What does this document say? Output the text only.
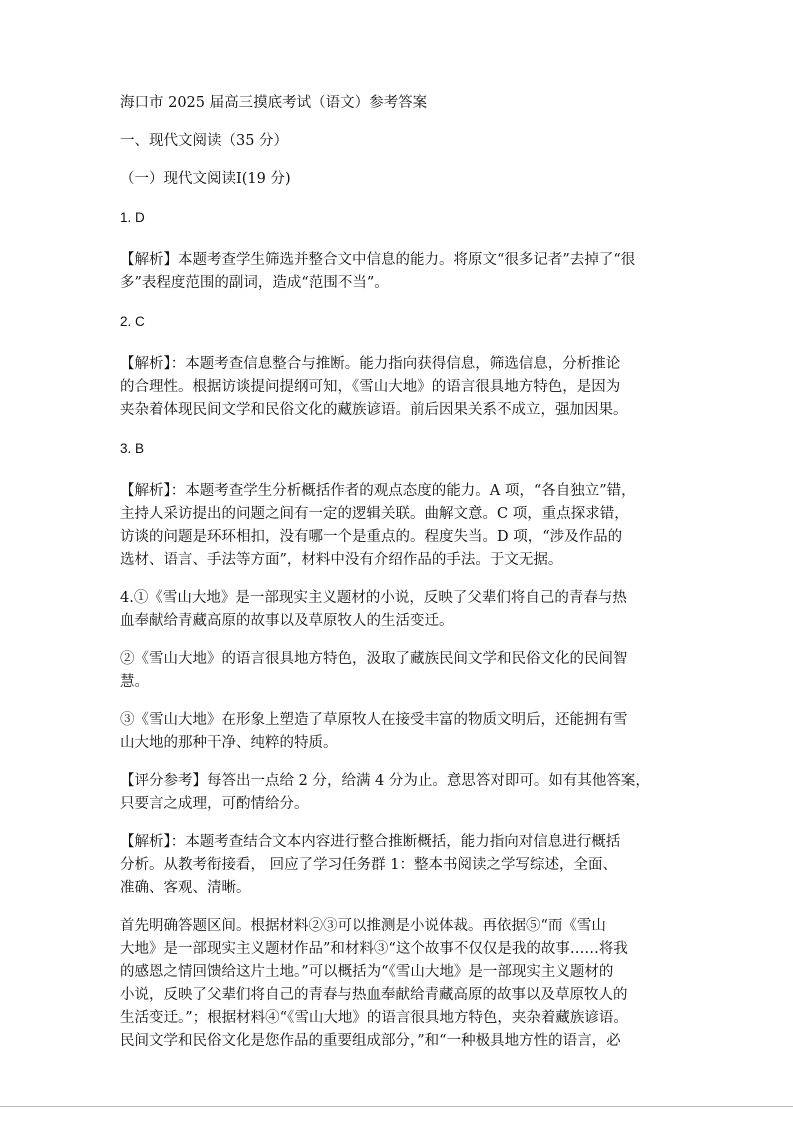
海口市 2025 届高三摸底考试（语文）参考答案
一、现代文阅读（35 分）
（一）现代文阅读Ⅰ(19 分)
1. D
【解析】本题考查学生筛选并整合文中信息的能力。将原文“很多记者”去掉了“很
多”表程度范围的副词，造成“范围不当”。
2. C
【解析】：本题考查信息整合与推断。能力指向获得信息，筛选信息，分析推论
的合理性。根据访谈提问提纲可知，《雪山大地》的语言很具地方特色，是因为
夹杂着体现民间文学和民俗文化的藏族谚语。前后因果关系不成立，强加因果。
3. B
【解析】：本题考查学生分析概括作者的观点态度的能力。A 项，“各自独立”错，
主持人采访提出的问题之间有一定的逻辑关联。曲解文意。C 项，重点探求错，
访谈的问题是环环相扣，没有哪一个是重点的。程度失当。D 项，“涉及作品的
选材、语言、手法等方面”，材料中没有介绍作品的手法。于文无据。
4.①《雪山大地》是一部现实主义题材的小说，反映了父辈们将自己的青春与热
血奉献给青藏高原的故事以及草原牧人的生活变迁。
②《雪山大地》的语言很具地方特色，汲取了藏族民间文学和民俗文化的民间智
慧。
③《雪山大地》在形象上塑造了草原牧人在接受丰富的物质文明后，还能拥有雪
山大地的那种干净、纯粹的特质。
【评分参考】每答出一点给 2 分，给满 4 分为止。意思答对即可。如有其他答案，
只要言之成理，可酌情给分。
【解析】：本题考查结合文本内容进行整合推断概括，能力指向对信息进行概括
分析。从教考衔接看， 回应了学习任务群 1：整本书阅读之学写综述，全面、
准确、客观、清晰。
首先明确答题区间。根据材料②③可以推测是小说体裁。再依据⑤“而《雪山
大地》是一部现实主义题材作品”和材料③“这个故事不仅仅是我的故事……将我
的感恩之情回馈给这片土地。”可以概括为“《雪山大地》是一部现实主义题材的
小说，反映了父辈们将自己的青春与热血奉献给青藏高原的故事以及草原牧人的
生活变迁。”；根据材料④“《雪山大地》的语言很具地方特色，夹杂着藏族谚语。
民间文学和民俗文化是您作品的重要组成部分，”和“一种极具地方性的语言，必
